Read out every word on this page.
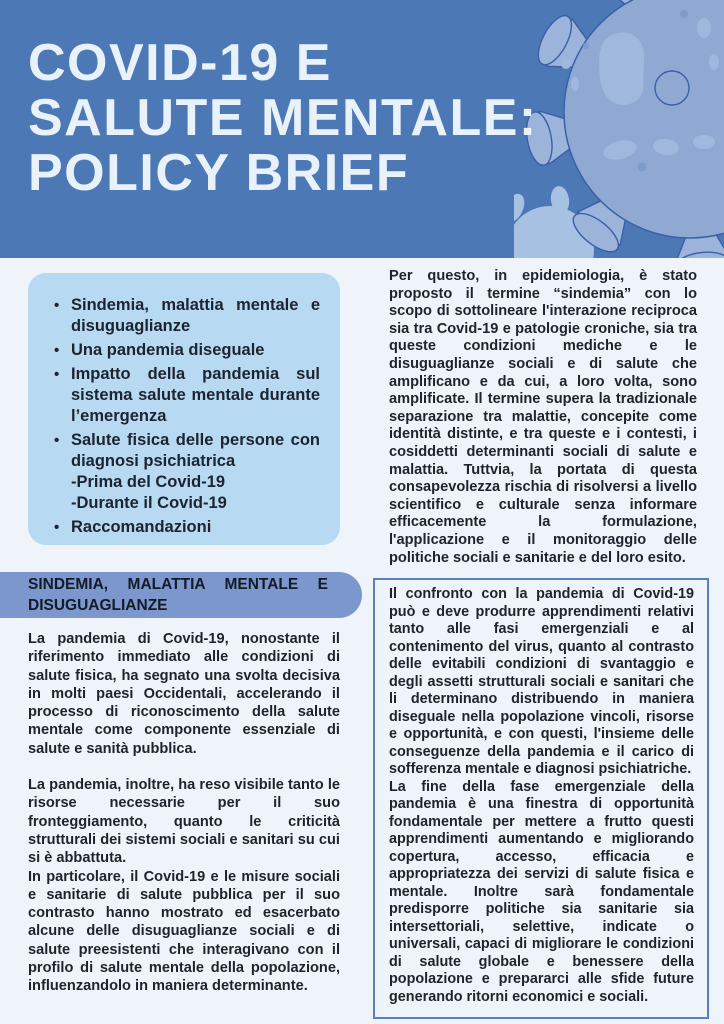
COVID-19 E
SALUTE MENTALE:
POLICY BRIEF
• Sindemia, malattia mentale e disuguaglianze
• Una pandemia diseguale
• Impatto della pandemia sul sistema salute mentale durante l’emergenza
• Salute fisica delle persone con diagnosi psichiatrica
-Prima del Covid-19
-Durante il Covid-19
• Raccomandazioni
SINDEMIA, MALATTIA MENTALE E DISUGUAGLIANZE

La pandemia di Covid-19, nonostante il riferimento immediato alle condizioni di salute fisica, ha segnato una svolta decisiva in molti paesi Occidentali, accelerando il processo di riconoscimento della salute mentale come componente essenziale di salute e sanità pubblica.

La pandemia, inoltre, ha reso visibile tanto le risorse necessarie per il suo fronteggiamento, quanto le criticità strutturali dei sistemi sociali e sanitari su cui si è abbattuta.

In particolare, il Covid-19 e le misure sociali e sanitarie di salute pubblica per il suo contrasto hanno mostrato ed esacerbato alcune delle disuguaglianze sociali e di salute preesistenti che interagivano con il profilo di salute mentale della popolazione, influenzandolo in maniera determinante.

Per questo, in epidemiologia, è stato proposto il termine “sindemia” con lo scopo di sottolineare l'interazione reciproca sia tra Covid-19 e patologie croniche, sia tra queste condizioni mediche e le disuguaglianze sociali e di salute che amplificano e da cui, a loro volta, sono amplificate. Il termine supera la tradizionale separazione tra malattie, concepite come identità distinte, e tra queste e i contesti, i cosiddetti determinanti sociali di salute e malattia. Tuttvia, la portata di questa consapevolezza rischia di risolversi a livello scientifico e culturale senza informare efficacemente la formulazione, l'applicazione e il monitoraggio delle politiche sociali e sanitarie e del loro esito.

Il confronto con la pandemia di Covid-19 può e deve produrre apprendimenti relativi tanto alle fasi emergenziali e al contenimento del virus, quanto al contrasto delle evitabili condizioni di svantaggio e degli assetti strutturali sociali e sanitari che li determinano distribuendo in maniera diseguale nella popolazione vincoli, risorse e opportunità, e con questi, l'insieme delle conseguenze della pandemia e il carico di sofferenza mentale e diagnosi psichiatriche.

La fine della fase emergenziale della pandemia è una finestra di opportunità fondamentale per mettere a frutto questi apprendimenti aumentando e migliorando copertura, accesso, efficacia e appropriatezza dei servizi di salute fisica e mentale. Inoltre sarà fondamentale predisporre politiche sia sanitarie sia intersettoriali, selettive, indicate o universali, capaci di migliorare le condizioni di salute globale e benessere della popolazione e prepararci alle sfide future generando ritorni economici e sociali.
